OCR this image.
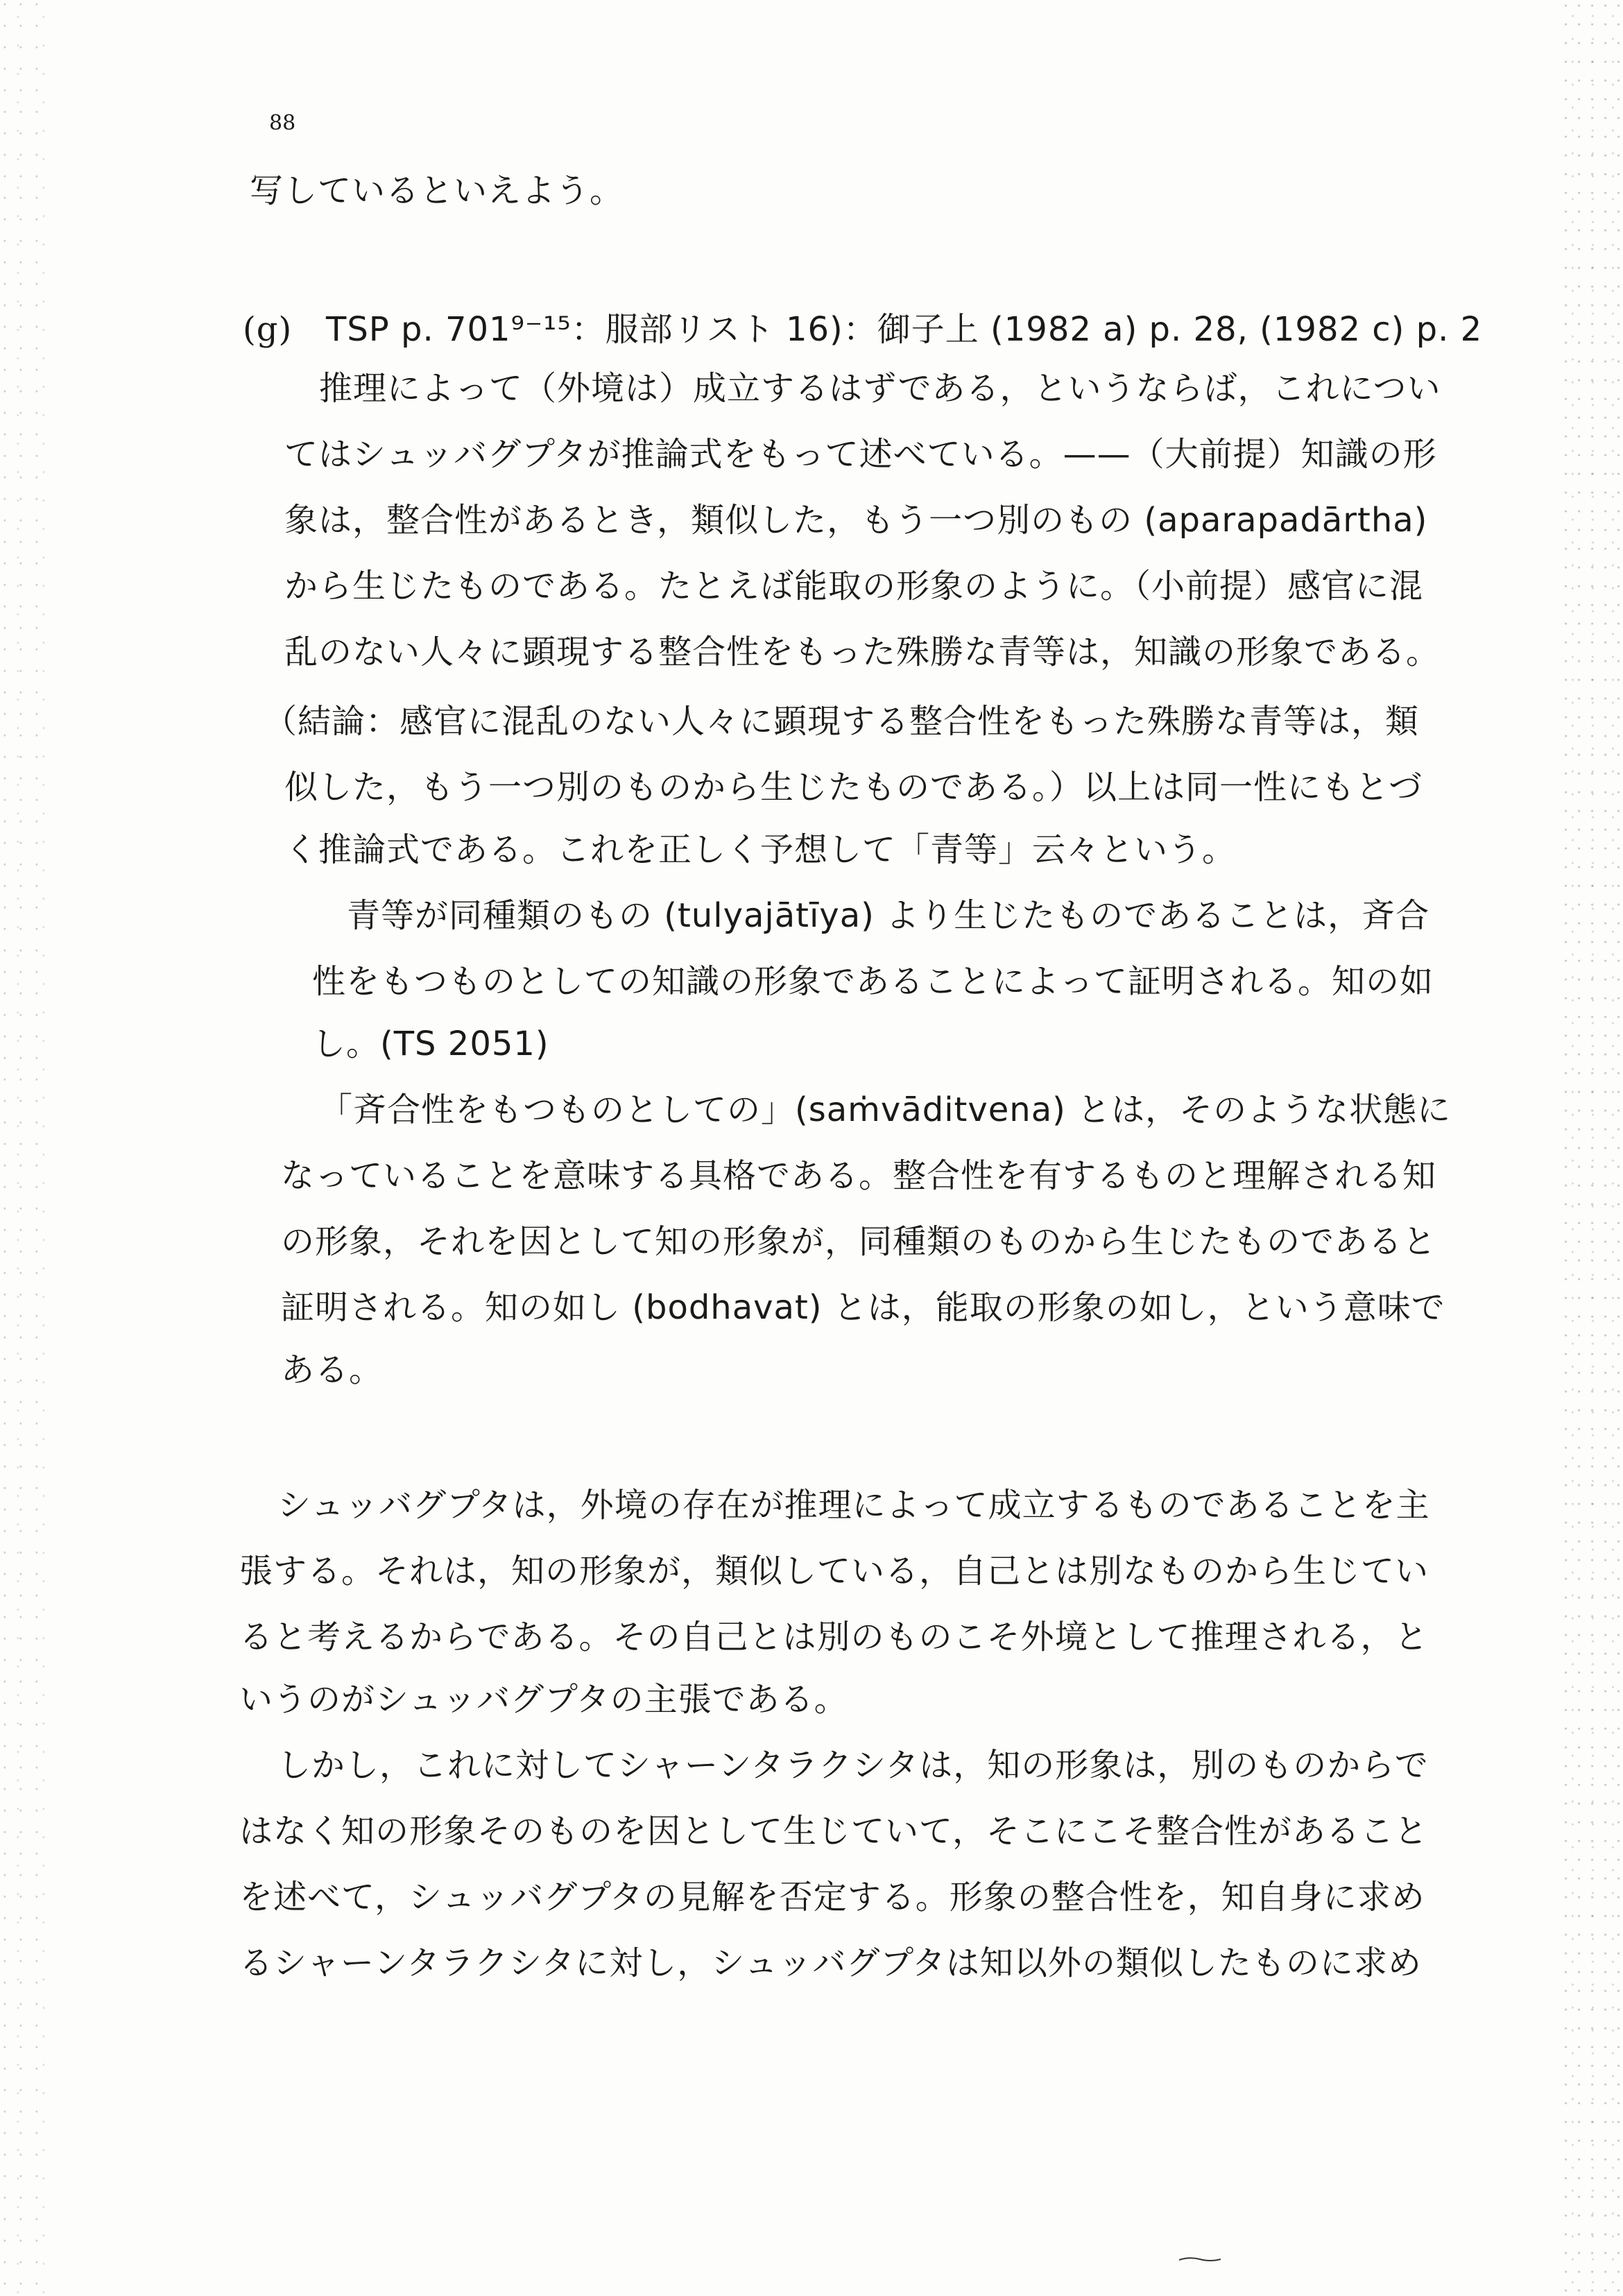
88
写しているといえよう。
(g) TSP p. 701⁹⁻¹⁵：服部リスト 16)：御子上 (1982 a) p. 28, (1982 c) p. 2
推理によって（外境は）成立するはずである，というならば，これについ
てはシュッバグプタが推論式をもって述べている。——（大前提）知識の形
象は，整合性があるとき，類似した，もう一つ別のもの (aparapadārtha)
から生じたものである。たとえば能取の形象のように。（小前提）感官に混
乱のない人々に顕現する整合性をもった殊勝な青等は，知識の形象である。
（結論：感官に混乱のない人々に顕現する整合性をもった殊勝な青等は，類
似した，もう一つ別のものから生じたものである。）以上は同一性にもとづ
く推論式である。これを正しく予想して「青等」云々という。
青等が同種類のもの (tulyajātīya) より生じたものであることは，斉合
性をもつものとしての知識の形象であることによって証明される。知の如
し。(TS 2051)
「斉合性をもつものとしての」(saṁvāditvena) とは，そのような状態に
なっていることを意味する具格である。整合性を有するものと理解される知
の形象，それを因として知の形象が，同種類のものから生じたものであると
証明される。知の如し (bodhavat) とは，能取の形象の如し，という意味で
ある。
シュッバグプタは，外境の存在が推理によって成立するものであることを主
張する。それは，知の形象が，類似している，自己とは別なものから生じてい
ると考えるからである。その自己とは別のものこそ外境として推理される，と
いうのがシュッバグプタの主張である。
しかし，これに対してシャーンタラクシタは，知の形象は，別のものからで
はなく知の形象そのものを因として生じていて，そこにこそ整合性があること
を述べて，シュッバグプタの見解を否定する。形象の整合性を，知自身に求め
るシャーンタラクシタに対し，シュッバグプタは知以外の類似したものに求め
